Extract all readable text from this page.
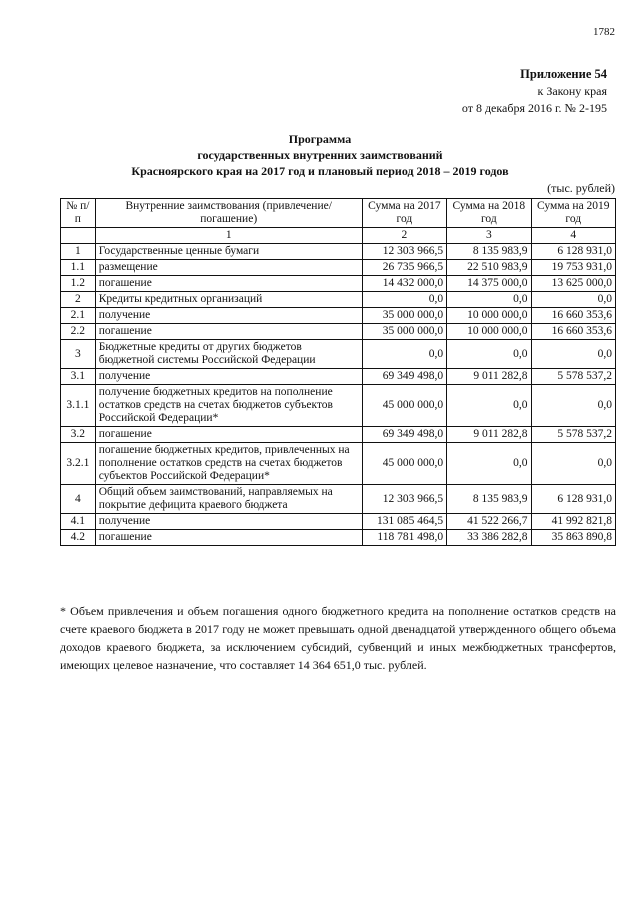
1782
Приложение 54
к Закону края
от 8 декабря 2016 г. № 2-195
Программа
государственных внутренних заимствований
Красноярского края на 2017 год и плановый период 2018 – 2019 годов
(тыс. рублей)
№ п/п	Внутренние заимствования (привлечение/ погашение)	Сумма на 2017 год	Сумма на 2018 год	Сумма на 2019 год
	1	2	3	4
1	Государственные ценные бумаги	12 303 966,5	8 135 983,9	6 128 931,0
1.1	размещение	26 735 966,5	22 510 983,9	19 753 931,0
1.2	погашение	14 432 000,0	14 375 000,0	13 625 000,0
2	Кредиты кредитных организаций	0,0	0,0	0,0
2.1	получение	35 000 000,0	10 000 000,0	16 660 353,6
2.2	погашение	35 000 000,0	10 000 000,0	16 660 353,6
3	Бюджетные кредиты от других бюджетов бюджетной системы Российской Федерации	0,0	0,0	0,0
3.1	получение	69 349 498,0	9 011 282,8	5 578 537,2
3.1.1	получение бюджетных кредитов на пополнение остатков средств на счетах бюджетов субъектов Российской Федерации*	45 000 000,0	0,0	0,0
3.2	погашение	69 349 498,0	9 011 282,8	5 578 537,2
3.2.1	погашение бюджетных кредитов, привлеченных на пополнение остатков средств на счетах бюджетов субъектов Российской Федерации*	45 000 000,0	0,0	0,0
4	Общий объем заимствований, направляемых на покрытие дефицита краевого бюджета	12 303 966,5	8 135 983,9	6 128 931,0
4.1	получение	131 085 464,5	41 522 266,7	41 992 821,8
4.2	погашение	118 781 498,0	33 386 282,8	35 863 890,8
* Объем привлечения и объем погашения одного бюджетного кредита на пополнение остатков средств на счете краевого бюджета в 2017 году не может превышать одной двенадцатой утвержденного общего объема доходов краевого бюджета, за исключением субсидий, субвенций и иных межбюджетных трансфертов, имеющих целевое назначение, что составляет 14 364 651,0 тыс. рублей.
